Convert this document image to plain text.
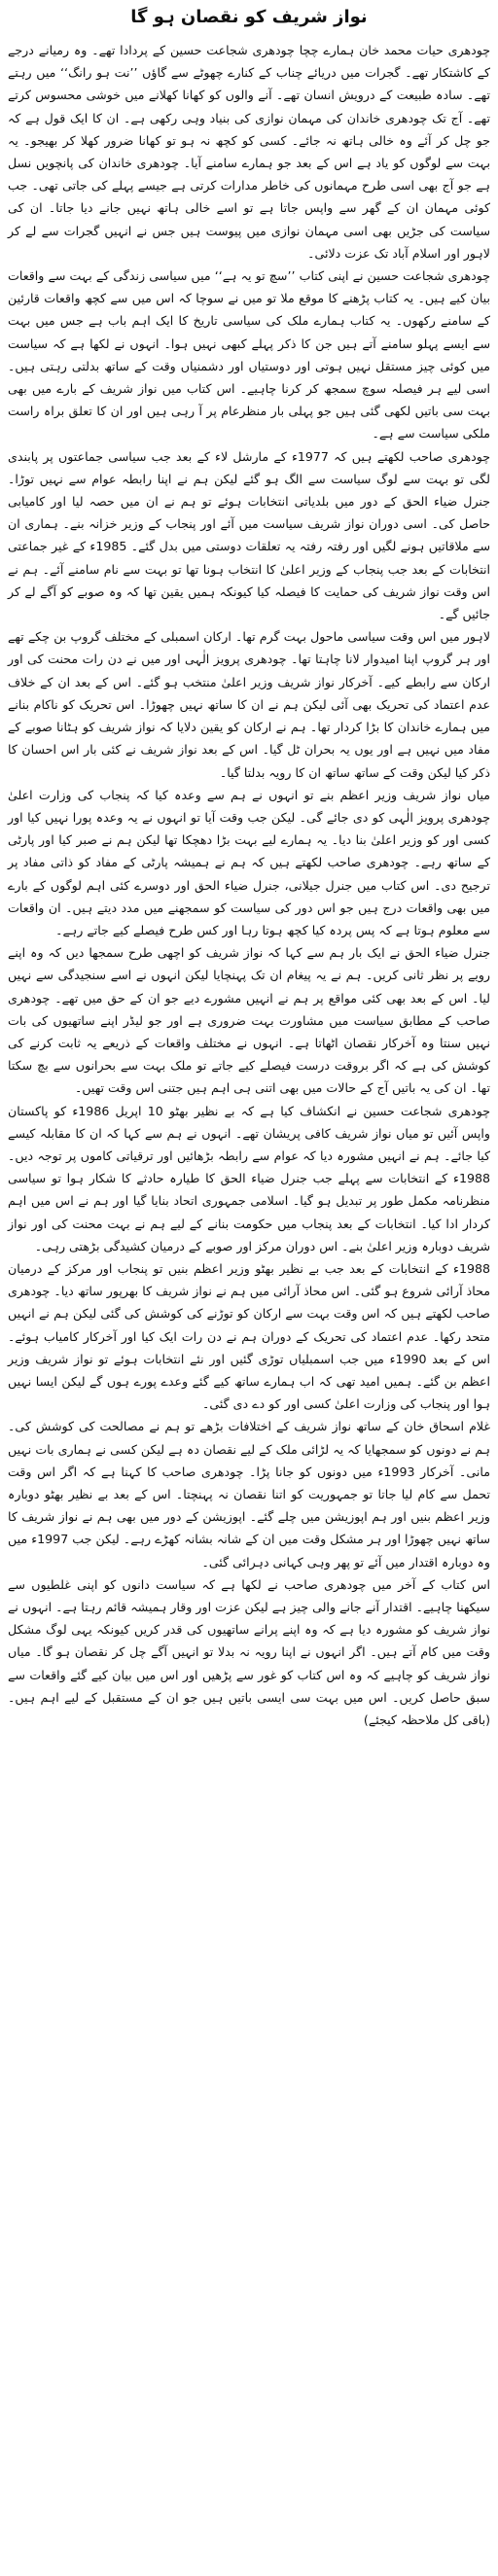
نواز شریف کو نقصان ہو گا

چودھری حیات محمد خان ہمارے چچا چودھری شجاعت حسین کے پردادا تھے۔ وہ رمیانے درجے کے کاشتکار تھے۔ گجرات میں دریائے چناب کے کنارے چھوٹے سے گاؤں ’’نت ہو رانگ‘‘ میں رہتے تھے۔ سادہ طبیعت کے درویش انسان تھے۔ آنے والوں کو کھانا کھلانے میں خوشی محسوس کرتے تھے۔ آج تک چودھری خاندان کی مہمان نوازی کی بنیاد وہی رکھی ہے۔ ان کا ایک قول ہے کہ جو چل کر آئے وہ خالی ہاتھ نہ جائے۔ کسی کو کچھ نہ ہو تو کھانا ضرور کھلا کر بھیجو۔ یہ بہت سے لوگوں کو یاد ہے اس کے بعد جو ہمارے سامنے آیا۔ چودھری خاندان کی پانچویں نسل ہے جو آج بھی اسی طرح مہمانوں کی خاطر مدارات کرتی ہے جیسے پہلے کی جاتی تھی۔ جب کوئی مہمان ان کے گھر سے واپس جاتا ہے تو اسے خالی ہاتھ نہیں جانے دیا جاتا۔ ان کی سیاست کی جڑیں بھی اسی مہمان نوازی میں پیوست ہیں جس نے انہیں گجرات سے لے کر لاہور اور اسلام آباد تک عزت دلائی۔

چودھری شجاعت حسین نے اپنی کتاب ’’سچ تو یہ ہے‘‘ میں سیاسی زندگی کے بہت سے واقعات بیان کیے ہیں۔ یہ کتاب پڑھنے کا موقع ملا تو میں نے سوچا کہ اس میں سے کچھ واقعات قارئین کے سامنے رکھوں۔ یہ کتاب ہمارے ملک کی سیاسی تاریخ کا ایک اہم باب ہے جس میں بہت سے ایسے پہلو سامنے آتے ہیں جن کا ذکر پہلے کبھی نہیں ہوا۔ انہوں نے لکھا ہے کہ سیاست میں کوئی چیز مستقل نہیں ہوتی اور دوستیاں اور دشمنیاں وقت کے ساتھ بدلتی رہتی ہیں۔ اسی لیے ہر فیصلہ سوچ سمجھ کر کرنا چاہیے۔ اس کتاب میں نواز شریف کے بارے میں بھی بہت سی باتیں لکھی گئی ہیں جو پہلی بار منظرعام پر آ رہی ہیں اور ان کا تعلق براہ راست ملکی سیاست سے ہے۔

چودھری صاحب لکھتے ہیں کہ 1977ء کے مارشل لاء کے بعد جب سیاسی جماعتوں پر پابندی لگی تو بہت سے لوگ سیاست سے الگ ہو گئے لیکن ہم نے اپنا رابطہ عوام سے نہیں توڑا۔ جنرل ضیاء الحق کے دور میں بلدیاتی انتخابات ہوئے تو ہم نے ان میں حصہ لیا اور کامیابی حاصل کی۔ اسی دوران نواز شریف سیاست میں آئے اور پنجاب کے وزیر خزانہ بنے۔ ہماری ان سے ملاقاتیں ہونے لگیں اور رفتہ رفتہ یہ تعلقات دوستی میں بدل گئے۔ 1985ء کے غیر جماعتی انتخابات کے بعد جب پنجاب کے وزیر اعلیٰ کا انتخاب ہونا تھا تو بہت سے نام سامنے آئے۔ ہم نے اس وقت نواز شریف کی حمایت کا فیصلہ کیا کیونکہ ہمیں یقین تھا کہ وہ صوبے کو آگے لے کر جائیں گے۔

لاہور میں اس وقت سیاسی ماحول بہت گرم تھا۔ ارکان اسمبلی کے مختلف گروپ بن چکے تھے اور ہر گروپ اپنا امیدوار لانا چاہتا تھا۔ چودھری پرویز الٰہی اور میں نے دن رات محنت کی اور ارکان سے رابطے کیے۔ آخرکار نواز شریف وزیر اعلیٰ منتخب ہو گئے۔ اس کے بعد ان کے خلاف عدم اعتماد کی تحریک بھی آئی لیکن ہم نے ان کا ساتھ نہیں چھوڑا۔ اس تحریک کو ناکام بنانے میں ہمارے خاندان کا بڑا کردار تھا۔ ہم نے ارکان کو یقین دلایا کہ نواز شریف کو ہٹانا صوبے کے مفاد میں نہیں ہے اور یوں یہ بحران ٹل گیا۔ اس کے بعد نواز شریف نے کئی بار اس احسان کا ذکر کیا لیکن وقت کے ساتھ ساتھ ان کا رویہ بدلتا گیا۔

میاں نواز شریف وزیر اعظم بنے تو انہوں نے ہم سے وعدہ کیا کہ پنجاب کی وزارت اعلیٰ چودھری پرویز الٰہی کو دی جائے گی۔ لیکن جب وقت آیا تو انہوں نے یہ وعدہ پورا نہیں کیا اور کسی اور کو وزیر اعلیٰ بنا دیا۔ یہ ہمارے لیے بہت بڑا دھچکا تھا لیکن ہم نے صبر کیا اور پارٹی کے ساتھ رہے۔ چودھری صاحب لکھتے ہیں کہ ہم نے ہمیشہ پارٹی کے مفاد کو ذاتی مفاد پر ترجیح دی۔ اس کتاب میں جنرل جیلانی، جنرل ضیاء الحق اور دوسرے کئی اہم لوگوں کے بارے میں بھی واقعات درج ہیں جو اس دور کی سیاست کو سمجھنے میں مدد دیتے ہیں۔ ان واقعات سے معلوم ہوتا ہے کہ پس پردہ کیا کچھ ہوتا رہا اور کس طرح فیصلے کیے جاتے رہے۔

جنرل ضیاء الحق نے ایک بار ہم سے کہا کہ نواز شریف کو اچھی طرح سمجھا دیں کہ وہ اپنے رویے پر نظر ثانی کریں۔ ہم نے یہ پیغام ان تک پہنچایا لیکن انہوں نے اسے سنجیدگی سے نہیں لیا۔ اس کے بعد بھی کئی مواقع پر ہم نے انہیں مشورے دیے جو ان کے حق میں تھے۔ چودھری صاحب کے مطابق سیاست میں مشاورت بہت ضروری ہے اور جو لیڈر اپنے ساتھیوں کی بات نہیں سنتا وہ آخرکار نقصان اٹھاتا ہے۔ انہوں نے مختلف واقعات کے ذریعے یہ ثابت کرنے کی کوشش کی ہے کہ اگر بروقت درست فیصلے کیے جاتے تو ملک بہت سے بحرانوں سے بچ سکتا تھا۔ ان کی یہ باتیں آج کے حالات میں بھی اتنی ہی اہم ہیں جتنی اس وقت تھیں۔

چودھری شجاعت حسین نے انکشاف کیا ہے کہ بے نظیر بھٹو 10 اپریل 1986ء کو پاکستان واپس آئیں تو میاں نواز شریف کافی پریشان تھے۔ انہوں نے ہم سے کہا کہ ان کا مقابلہ کیسے کیا جائے۔ ہم نے انہیں مشورہ دیا کہ عوام سے رابطہ بڑھائیں اور ترقیاتی کاموں پر توجہ دیں۔ 1988ء کے انتخابات سے پہلے جب جنرل ضیاء الحق کا طیارہ حادثے کا شکار ہوا تو سیاسی منظرنامہ مکمل طور پر تبدیل ہو گیا۔ اسلامی جمہوری اتحاد بنایا گیا اور ہم نے اس میں اہم کردار ادا کیا۔ انتخابات کے بعد پنجاب میں حکومت بنانے کے لیے ہم نے بہت محنت کی اور نواز شریف دوبارہ وزیر اعلیٰ بنے۔ اس دوران مرکز اور صوبے کے درمیان کشیدگی بڑھتی رہی۔

1988ء کے انتخابات کے بعد جب بے نظیر بھٹو وزیر اعظم بنیں تو پنجاب اور مرکز کے درمیان محاذ آرائی شروع ہو گئی۔ اس محاذ آرائی میں ہم نے نواز شریف کا بھرپور ساتھ دیا۔ چودھری صاحب لکھتے ہیں کہ اس وقت بہت سے ارکان کو توڑنے کی کوشش کی گئی لیکن ہم نے انہیں متحد رکھا۔ عدم اعتماد کی تحریک کے دوران ہم نے دن رات ایک کیا اور آخرکار کامیاب ہوئے۔ اس کے بعد 1990ء میں جب اسمبلیاں توڑی گئیں اور نئے انتخابات ہوئے تو نواز شریف وزیر اعظم بن گئے۔ ہمیں امید تھی کہ اب ہمارے ساتھ کیے گئے وعدے پورے ہوں گے لیکن ایسا نہیں ہوا اور پنجاب کی وزارت اعلیٰ کسی اور کو دے دی گئی۔

غلام اسحاق خان کے ساتھ نواز شریف کے اختلافات بڑھے تو ہم نے مصالحت کی کوشش کی۔ ہم نے دونوں کو سمجھایا کہ یہ لڑائی ملک کے لیے نقصان دہ ہے لیکن کسی نے ہماری بات نہیں مانی۔ آخرکار 1993ء میں دونوں کو جانا پڑا۔ چودھری صاحب کا کہنا ہے کہ اگر اس وقت تحمل سے کام لیا جاتا تو جمہوریت کو اتنا نقصان نہ پہنچتا۔ اس کے بعد بے نظیر بھٹو دوبارہ وزیر اعظم بنیں اور ہم اپوزیشن میں چلے گئے۔ اپوزیشن کے دور میں بھی ہم نے نواز شریف کا ساتھ نہیں چھوڑا اور ہر مشکل وقت میں ان کے شانہ بشانہ کھڑے رہے۔ لیکن جب 1997ء میں وہ دوبارہ اقتدار میں آئے تو پھر وہی کہانی دہرائی گئی۔

اس کتاب کے آخر میں چودھری صاحب نے لکھا ہے کہ سیاست دانوں کو اپنی غلطیوں سے سیکھنا چاہیے۔ اقتدار آنے جانے والی چیز ہے لیکن عزت اور وقار ہمیشہ قائم رہتا ہے۔ انہوں نے نواز شریف کو مشورہ دیا ہے کہ وہ اپنے پرانے ساتھیوں کی قدر کریں کیونکہ یہی لوگ مشکل وقت میں کام آتے ہیں۔ اگر انہوں نے اپنا رویہ نہ بدلا تو انہیں آگے چل کر نقصان ہو گا۔ میاں نواز شریف کو چاہیے کہ وہ اس کتاب کو غور سے پڑھیں اور اس میں بیان کیے گئے واقعات سے سبق حاصل کریں۔ اس میں بہت سی ایسی باتیں ہیں جو ان کے مستقبل کے لیے اہم ہیں۔ (باقی کل ملاحظہ کیجئے)
